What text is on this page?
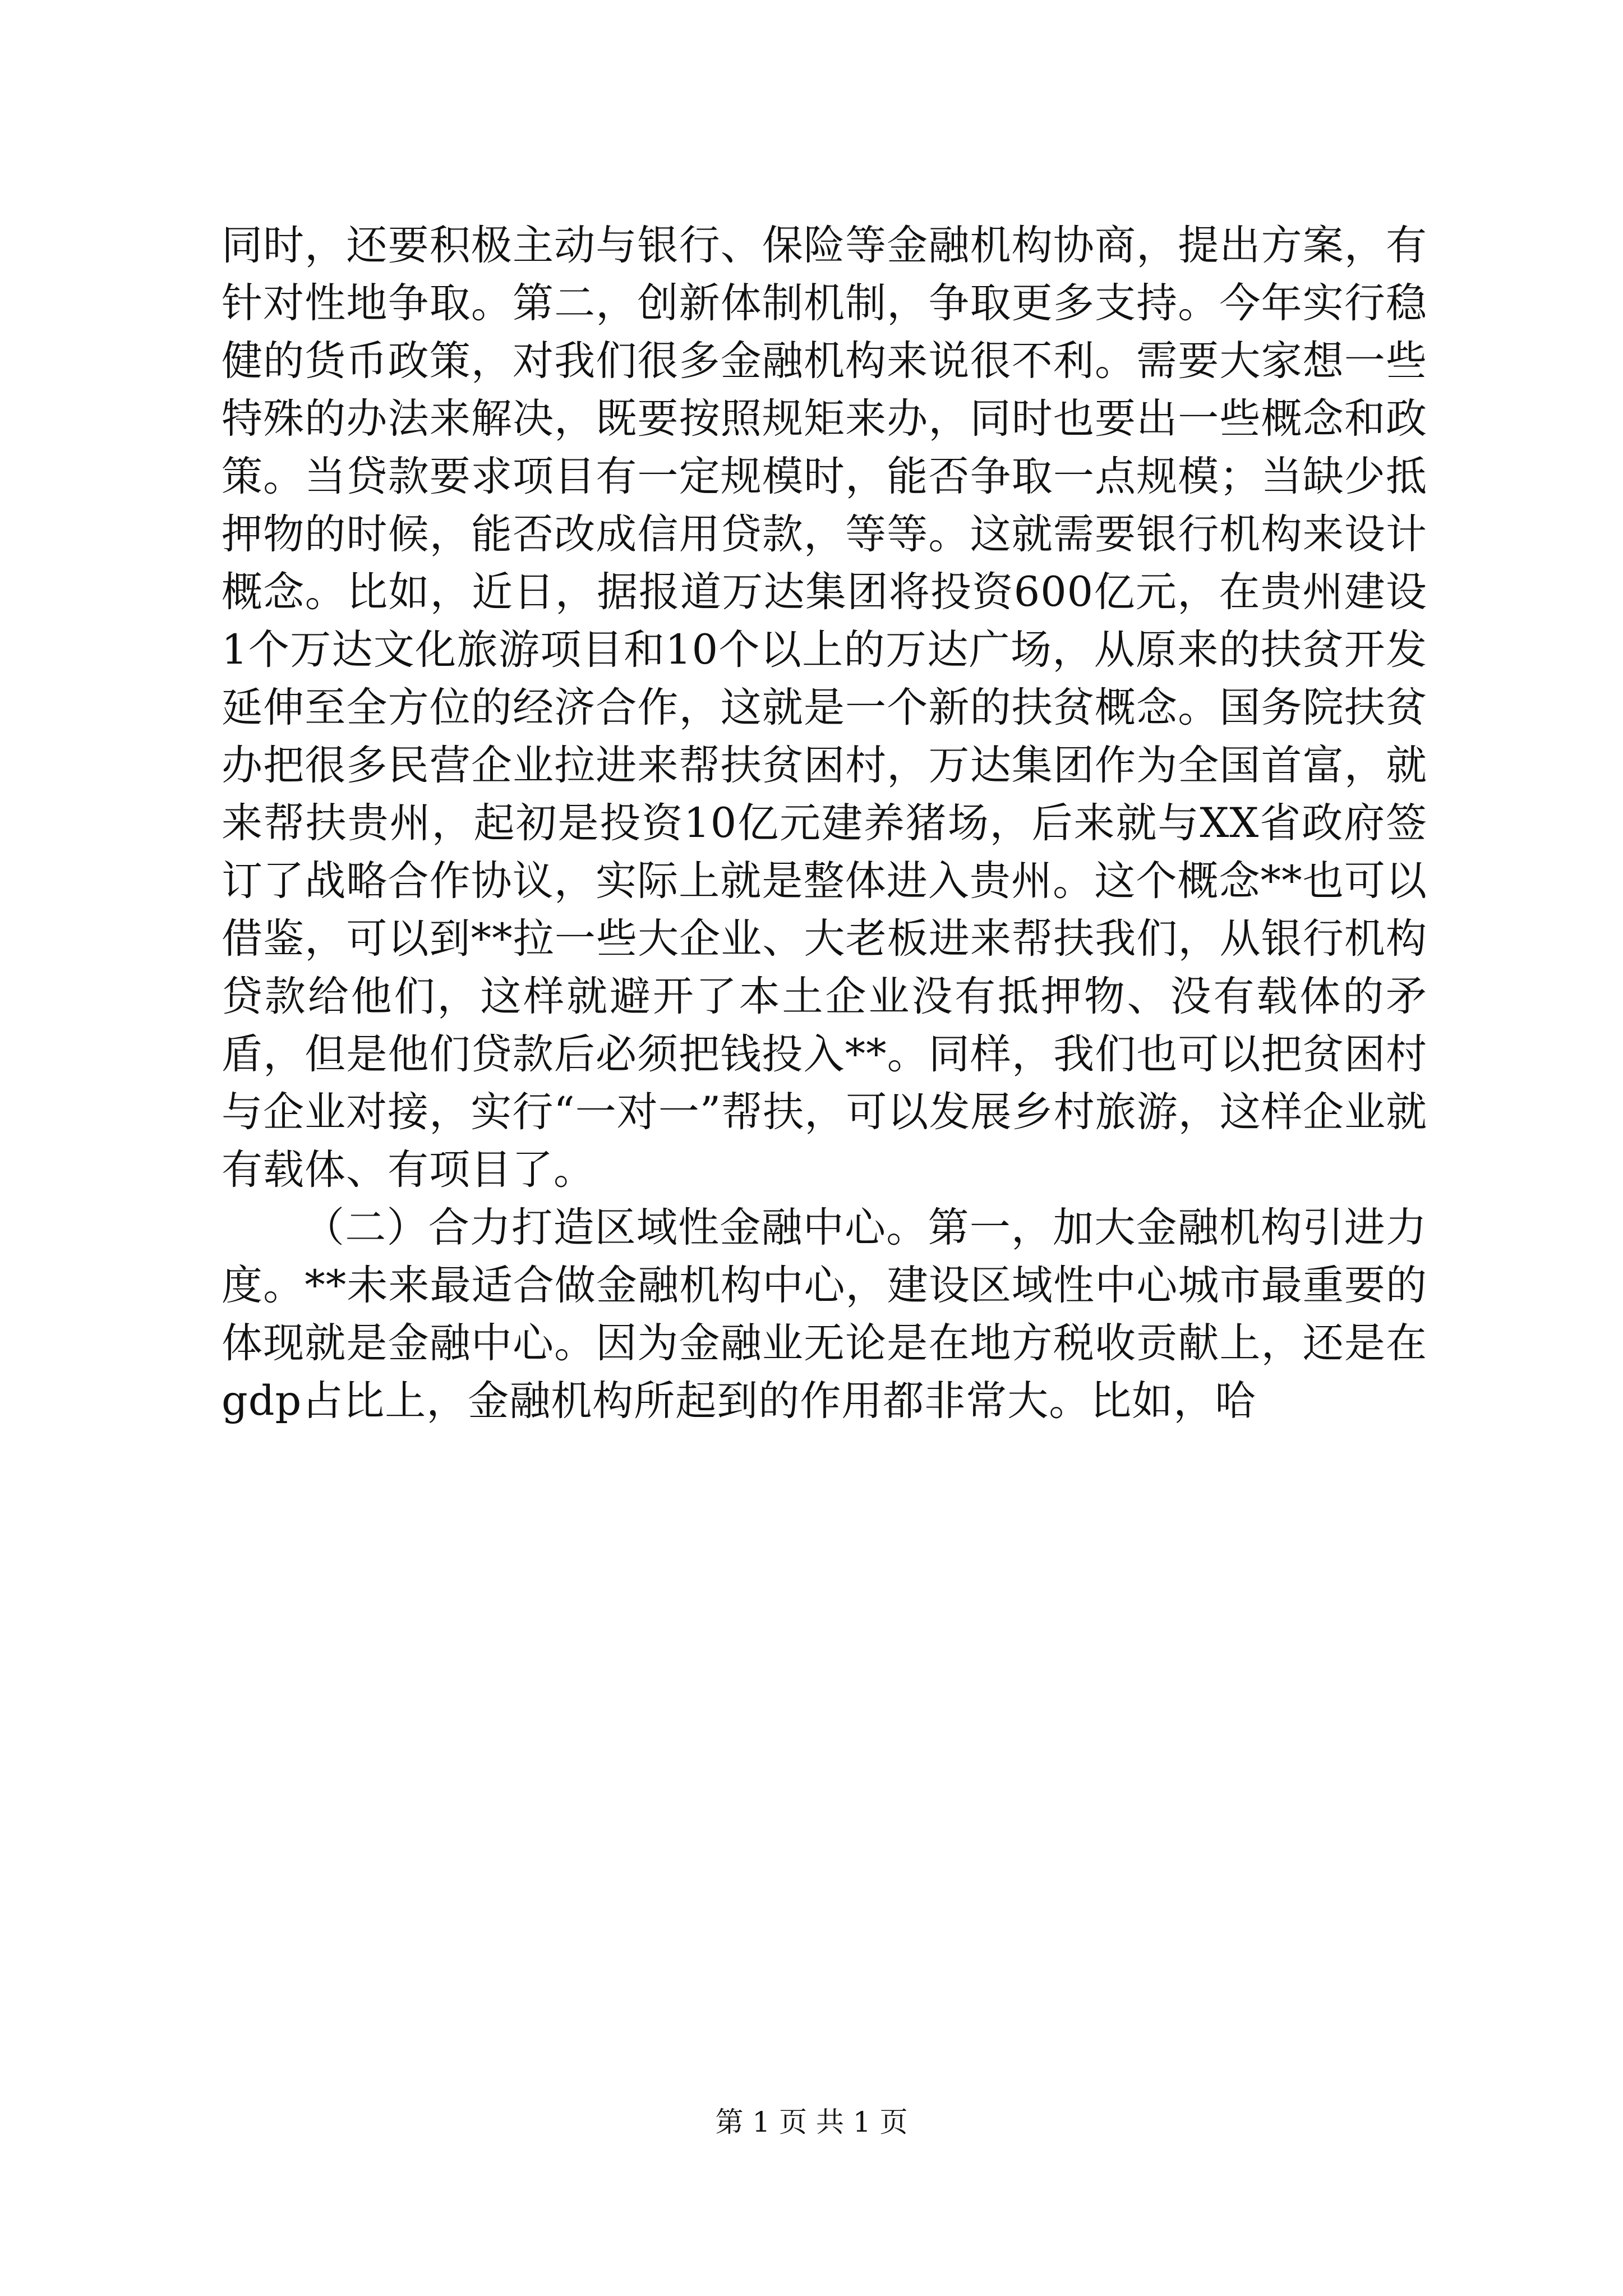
同时，还要积极主动与银行、保险等金融机构协商，提出方案，有针对性地争取。第二，创新体制机制，争取更多支持。今年实行稳健的货币政策，对我们很多金融机构来说很不利。需要大家想一些特殊的办法来解决，既要按照规矩来办，同时也要出一些概念和政策。当贷款要求项目有一定规模时，能否争取一点规模；当缺少抵押物的时候，能否改成信用贷款，等等。这就需要银行机构来设计概念。比如，近日，据报道万达集团将投资600亿元，在贵州建设1个万达文化旅游项目和10个以上的万达广场，从原来的扶贫开发延伸至全方位的经济合作，这就是一个新的扶贫概念。国务院扶贫办把很多民营企业拉进来帮扶贫困村，万达集团作为全国首富，就来帮扶贵州，起初是投资10亿元建养猪场，后来就与XX省政府签订了战略合作协议，实际上就是整体进入贵州。这个概念**也可以借鉴，可以到**拉一些大企业、大老板进来帮扶我们，从银行机构贷款给他们，这样就避开了本土企业没有抵押物、没有载体的矛盾，但是他们贷款后必须把钱投入**。同样，我们也可以把贫困村与企业对接，实行“一对一”帮扶，可以发展乡村旅游，这样企业就有载体、有项目了。

（二）合力打造区域性金融中心。第一，加大金融机构引进力度。**未来最适合做金融机构中心，建设区域性中心城市最重要的体现就是金融中心。因为金融业无论是在地方税收贡献上，还是在gdp占比上，金融机构所起到的作用都非常大。比如，哈

第 1 页 共 1 页
